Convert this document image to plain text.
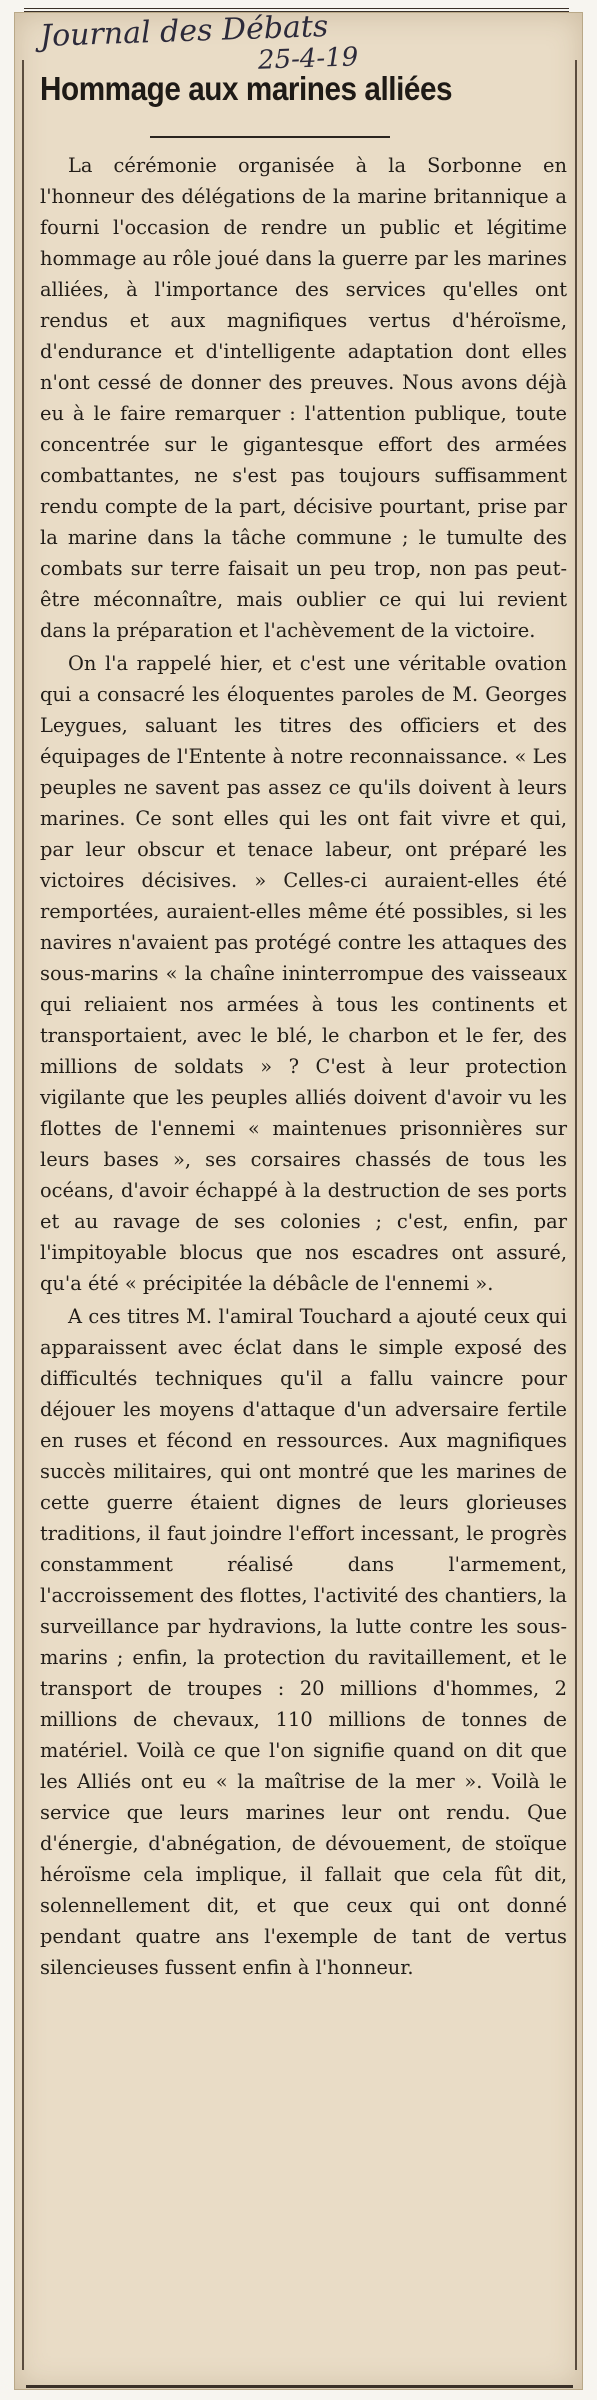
Journal des Débats
25-4-19
Hommage aux marines alliées

La cérémonie organisée à la Sorbonne en l'honneur des délégations de la marine britannique a fourni l'occasion de rendre un public et légitime hommage au rôle joué dans la guerre par les marines alliées, à l'importance des services qu'elles ont rendus et aux magnifiques vertus d'héroïsme, d'endurance et d'intelligente adaptation dont elles n'ont cessé de donner des preuves. Nous avons déjà eu à le faire remarquer : l'attention publique, toute concentrée sur le gigantesque effort des armées combattantes, ne s'est pas toujours suffisamment rendu compte de la part, décisive pourtant, prise par la marine dans la tâche commune ; le tumulte des combats sur terre faisait un peu trop, non pas peut-être méconnaître, mais oublier ce qui lui revient dans la préparation et l'achèvement de la victoire.

On l'a rappelé hier, et c'est une véritable ovation qui a consacré les éloquentes paroles de M. Georges Leygues, saluant les titres des officiers et des équipages de l'Entente à notre reconnaissance. « Les peuples ne savent pas assez ce qu'ils doivent à leurs marines. Ce sont elles qui les ont fait vivre et qui, par leur obscur et tenace labeur, ont préparé les victoires décisives. » Celles-ci auraient-elles été remportées, auraient-elles même été possibles, si les navires n'avaient pas protégé contre les attaques des sous-marins « la chaîne ininterrompue des vaisseaux qui reliaient nos armées à tous les continents et transportaient, avec le blé, le charbon et le fer, des millions de soldats » ? C'est à leur protection vigilante que les peuples alliés doivent d'avoir vu les flottes de l'ennemi « maintenues prisonnières sur leurs bases », ses corsaires chassés de tous les océans, d'avoir échappé à la destruction de ses ports et au ravage de ses colonies ; c'est, enfin, par l'impitoyable blocus que nos escadres ont assuré, qu'a été « précipitée la débâcle de l'ennemi ».

A ces titres M. l'amiral Touchard a ajouté ceux qui apparaissent avec éclat dans le simple exposé des difficultés techniques qu'il a fallu vaincre pour déjouer les moyens d'attaque d'un adversaire fertile en ruses et fécond en ressources. Aux magnifiques succès militaires, qui ont montré que les marines de cette guerre étaient dignes de leurs glorieuses traditions, il faut joindre l'effort incessant, le progrès constamment réalisé dans l'armement, l'accroissement des flottes, l'activité des chantiers, la surveillance par hydravions, la lutte contre les sous-marins ; enfin, la protection du ravitaillement, et le transport de troupes : 20 millions d'hommes, 2 millions de chevaux, 110 millions de tonnes de matériel. Voilà ce que l'on signifie quand on dit que les Alliés ont eu « la maîtrise de la mer ». Voilà le service que leurs marines leur ont rendu. Que d'énergie, d'abnégation, de dévouement, de stoïque héroïsme cela implique, il fallait que cela fût dit, solennellement dit, et que ceux qui ont donné pendant quatre ans l'exemple de tant de vertus silencieuses fussent enfin à l'honneur.
